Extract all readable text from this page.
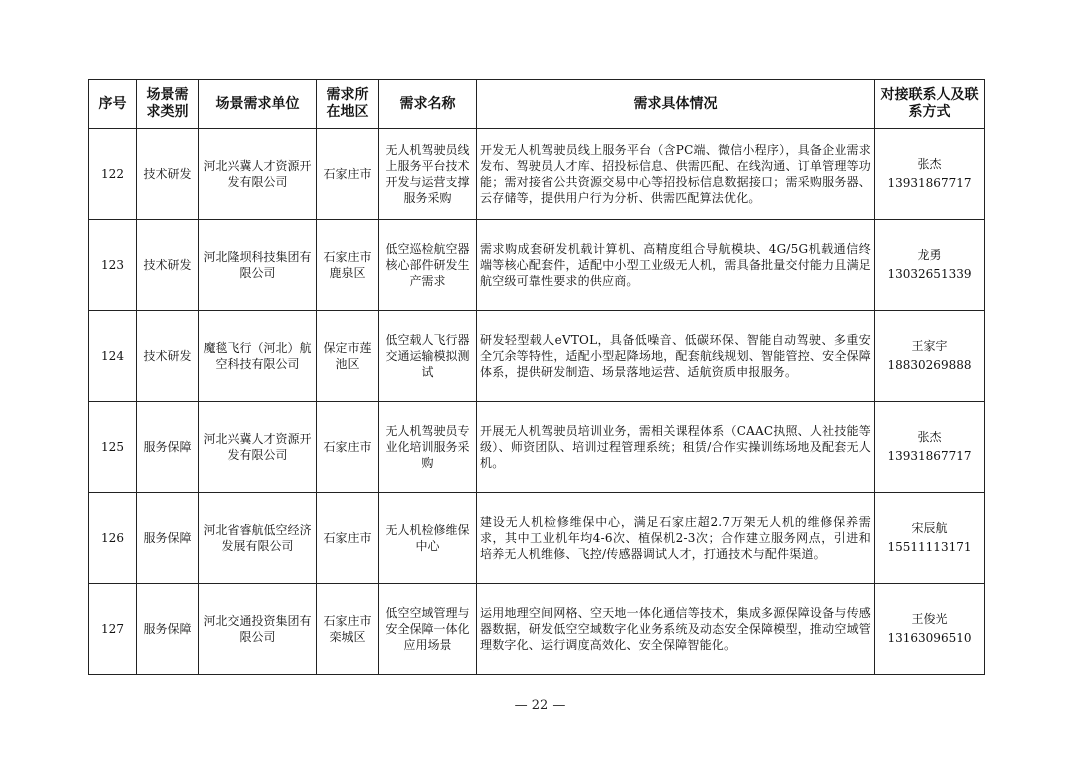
序号	场景需求类别	场景需求单位	需求所在地区	需求名称	需求具体情况	对接联系人及联系方式
122	技术研发	河北兴冀人才资源开发有限公司	石家庄市	无人机驾驶员线上服务平台技术开发与运营支撑服务采购	开发无人机驾驶员线上服务平台（含PC端、微信小程序），具备企业需求发布、驾驶员人才库、招投标信息、供需匹配、在线沟通、订单管理等功能；需对接省公共资源交易中心等招投标信息数据接口；需采购服务器、云存储等，提供用户行为分析、供需匹配算法优化。	张杰
13931867717

123	技术研发	河北隆坝科技集团有限公司	石家庄市鹿泉区	低空巡检航空器核心部件研发生产需求	需求购成套研发机载计算机、高精度组合导航模块、4G/5G机载通信终端等核心配套件，适配中小型工业级无人机，需具备批量交付能力且满足航空级可靠性要求的供应商。	龙勇
13032651339

124	技术研发	魔毯飞行（河北）航空科技有限公司	保定市莲池区	低空载人飞行器交通运输模拟测试	研发轻型载人eVTOL，具备低噪音、低碳环保、智能自动驾驶、多重安全冗余等特性，适配小型起降场地，配套航线规划、智能管控、安全保障体系，提供研发制造、场景落地运营、适航资质申报服务。	王家宇
18830269888

125	服务保障	河北兴冀人才资源开发有限公司	石家庄市	无人机驾驶员专业化培训服务采购	开展无人机驾驶员培训业务，需相关课程体系（CAAC执照、人社技能等级）、师资团队、培训过程管理系统；租赁/合作实操训练场地及配套无人机。	张杰
13931867717

126	服务保障	河北省睿航低空经济发展有限公司	石家庄市	无人机检修维保中心	建设无人机检修维保中心，满足石家庄超2.7万架无人机的维修保养需求，其中工业机年均4-6次、植保机2-3次；合作建立服务网点，引进和培养无人机维修、飞控/传感器调试人才，打通技术与配件渠道。	宋辰航
15511113171

127	服务保障	河北交通投资集团有限公司	石家庄市栾城区	低空空域管理与安全保障一体化应用场景	运用地理空间网格、空天地一体化通信等技术，集成多源保障设备与传感器数据，研发低空空域数字化业务系统及动态安全保障模型，推动空域管理数字化、运行调度高效化、安全保障智能化。	王俊光
13163096510
— 22 —
